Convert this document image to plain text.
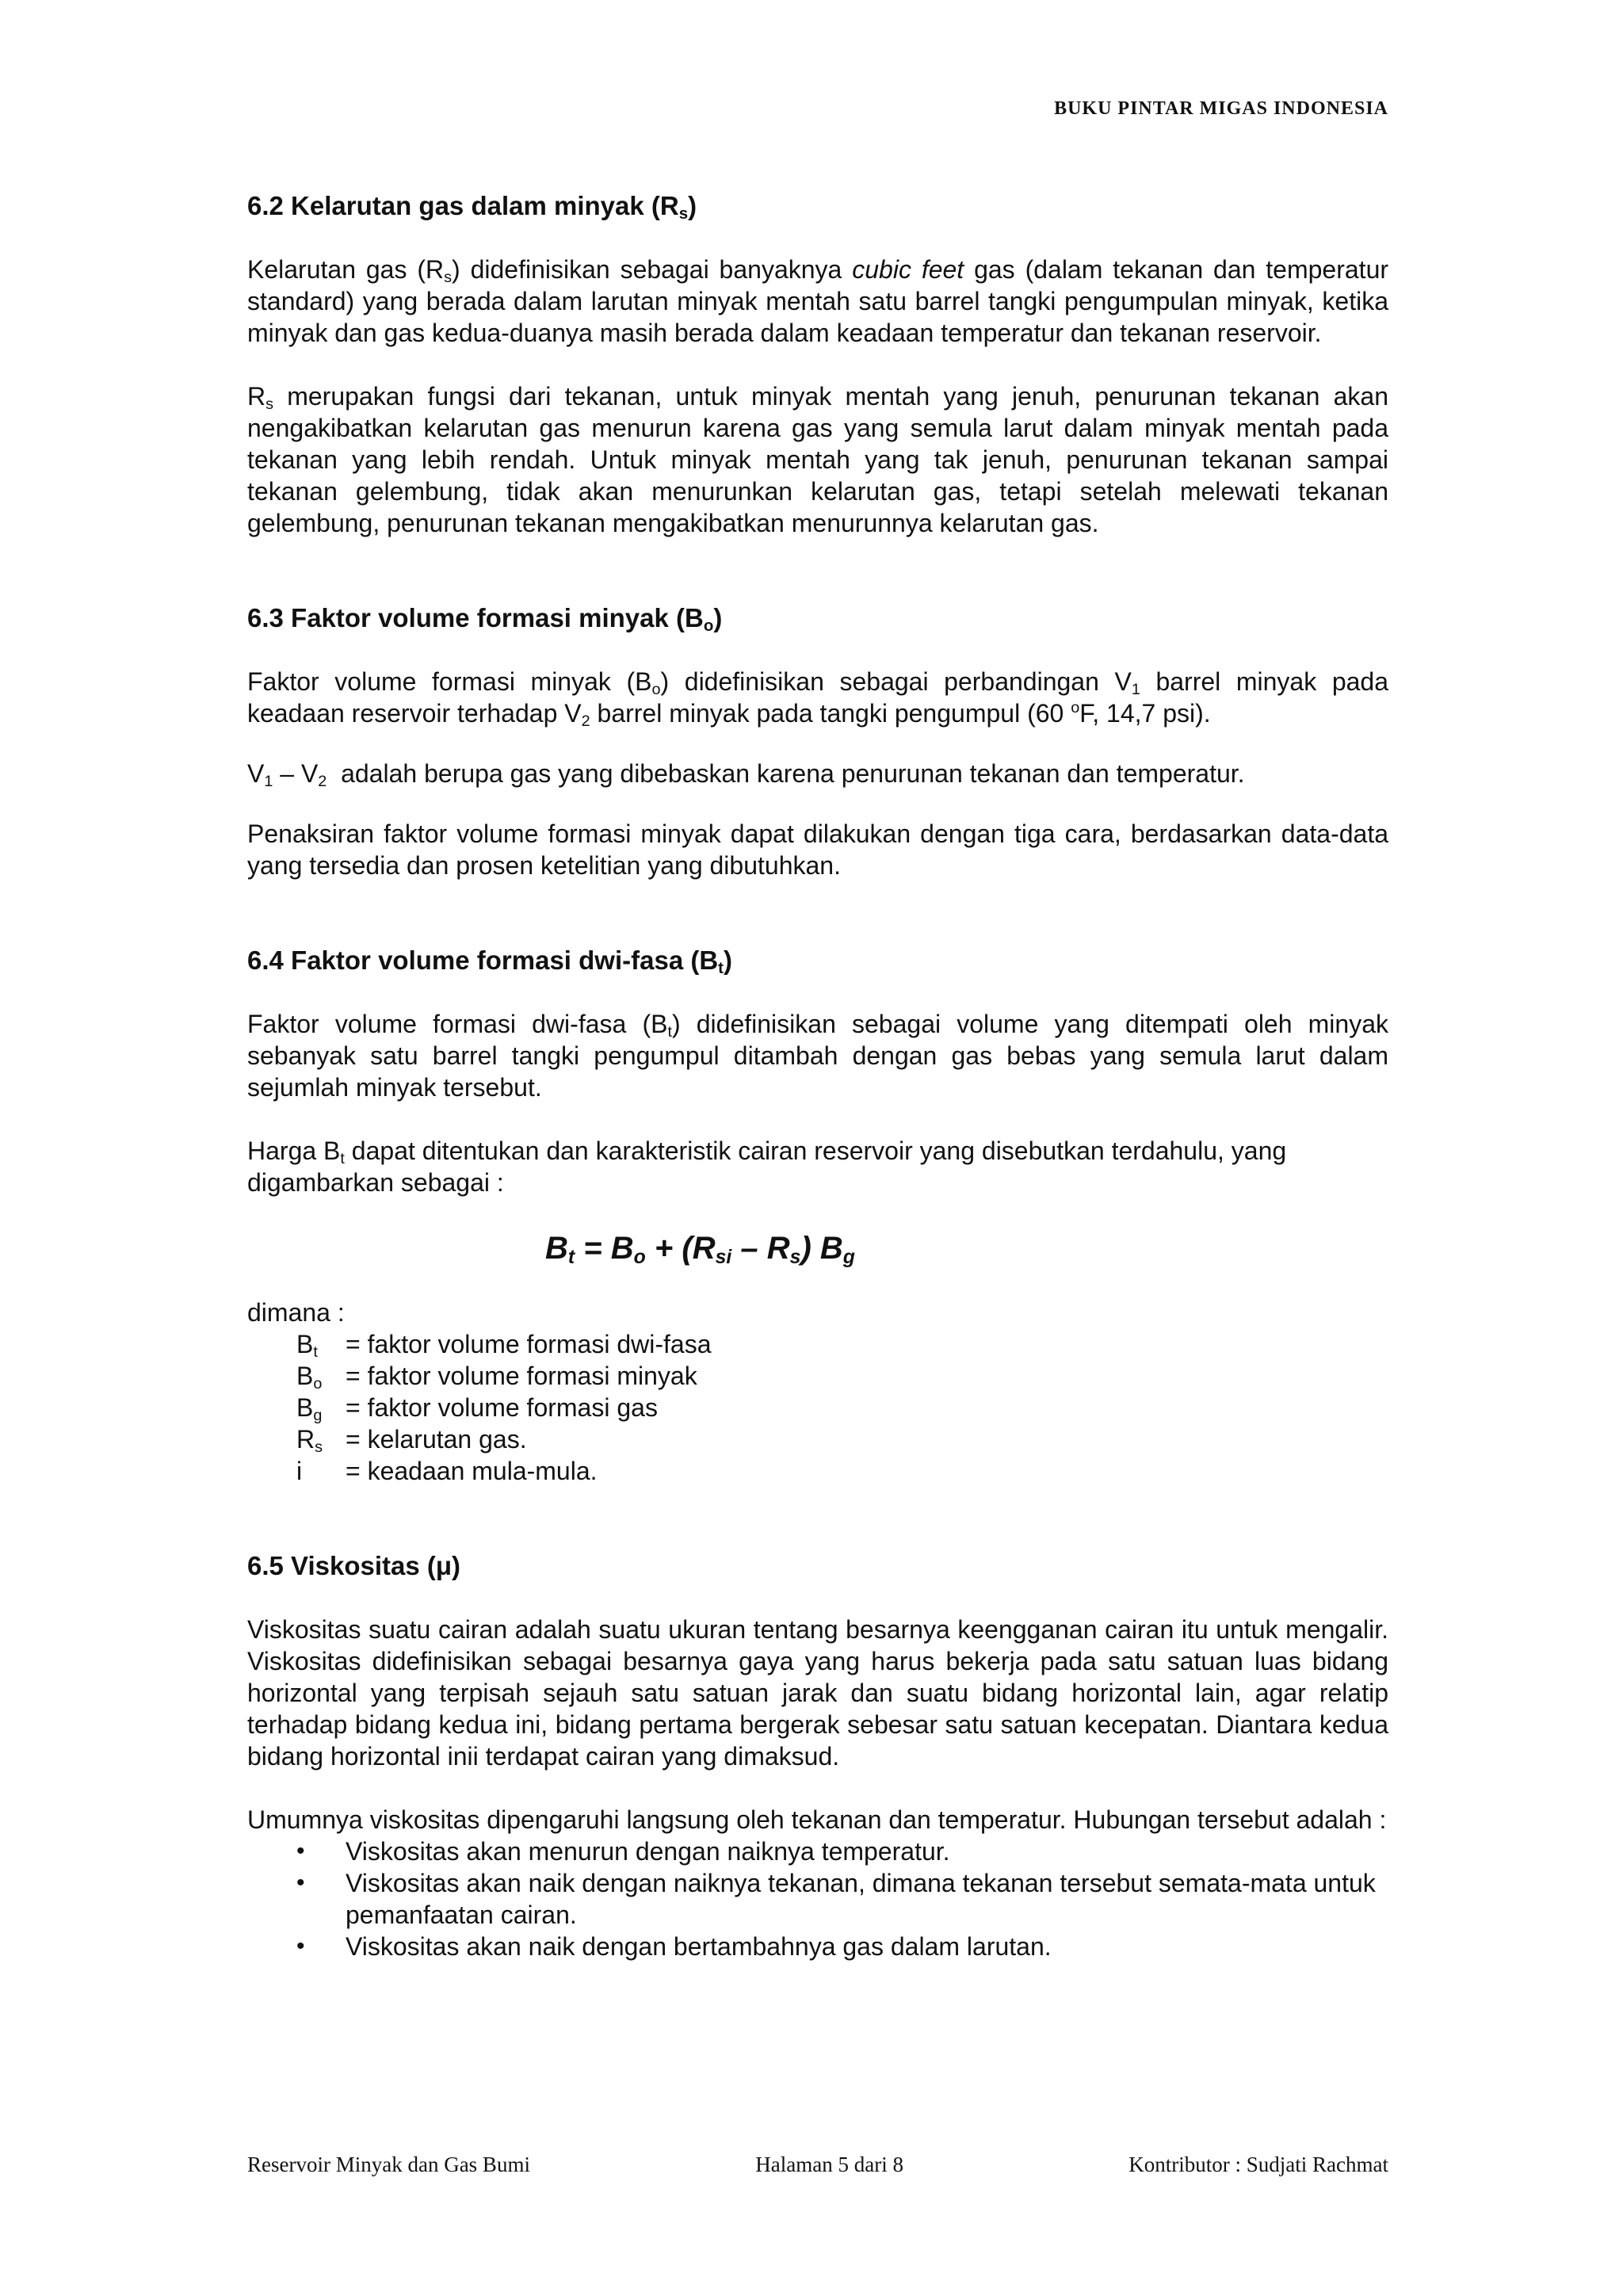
BUKU PINTAR MIGAS INDONESIA
6.2 Kelarutan gas dalam minyak $(R_s)$

Kelarutan gas $(R_s)$ didefinisikan sebagai banyaknya cubic feet gas (dalam tekanan dan temperatur standard) yang berada dalam larutan minyak mentah satu barrel tangki pengumpulan minyak, ketika minyak dan gas kedua-duanya masih berada dalam keadaan temperatur dan tekanan reservoir.

$R_s$ merupakan fungsi dari tekanan, untuk minyak mentah yang jenuh, penurunan tekanan akan nengakibatkan kelarutan gas menurun karena gas yang semula larut dalam minyak mentah pada tekanan yang lebih rendah. Untuk minyak mentah yang tak jenuh, penurunan tekanan sampai tekanan gelembung, tidak akan menurunkan kelarutan gas, tetapi setelah melewati tekanan gelembung, penurunan tekanan mengakibatkan menurunnya kelarutan gas.

6.3 Faktor volume formasi minyak $(B_o)$

Faktor volume formasi minyak $(B_o)$ didefinisikan sebagai perbandingan $V_1$ barrel minyak pada keadaan reservoir terhadap $V_2$ barrel minyak pada tangki pengumpul (60 $^o$F, 14,7 psi).

$V_1 - V_2$  adalah berupa gas yang dibebaskan karena penurunan tekanan dan temperatur.

Penaksiran faktor volume formasi minyak dapat dilakukan dengan tiga cara, berdasarkan data-data yang tersedia dan prosen ketelitian yang dibutuhkan.

6.4 Faktor volume formasi dwi-fasa $(B_t)$

Faktor volume formasi dwi-fasa $(B_t)$ didefinisikan sebagai volume yang ditempati oleh minyak sebanyak satu barrel tangki pengumpul ditambah dengan gas bebas yang semula larut dalam sejumlah minyak tersebut.

Harga $B_t$ dapat ditentukan dan karakteristik cairan reservoir yang disebutkan terdahulu, yang digambarkan sebagai :

$B_t = B_o + (R_{si} - R_s)$ $B_g$

dimana :

$B_t$	= faktor volume formasi dwi-fasa
$B_o$ = faktor volume formasi minyak
$B_g$ = faktor volume formasi gas
$R_s$ = kelarutan gas.
i	= keadaan mula-mula.
6.5 Viskositas (μ)

Viskositas suatu cairan adalah suatu ukuran tentang besarnya keengganan cairan itu untuk mengalir. Viskositas didefinisikan sebagai besarnya gaya yang harus bekerja pada satu satuan luas bidang horizontal yang terpisah sejauh satu satuan jarak dan suatu bidang horizontal lain, agar relatip terhadap bidang kedua ini, bidang pertama bergerak sebesar satu satuan kecepatan. Diantara kedua bidang horizontal inii terdapat cairan yang dimaksud.

Umumnya viskositas dipengaruhi langsung oleh tekanan dan temperatur. Hubungan tersebut adalah :

•	Viskositas akan menurun dengan naiknya temperatur.
•	Viskositas akan naik dengan naiknya tekanan, dimana tekanan tersebut semata-mata untuk pemanfaatan cairan.
•	Viskositas akan naik dengan bertambahnya gas dalam larutan.
Reservoir Minyak dan Gas Bumi	Halaman 5 dari 8	Kontributor : Sudjati Rachmat
